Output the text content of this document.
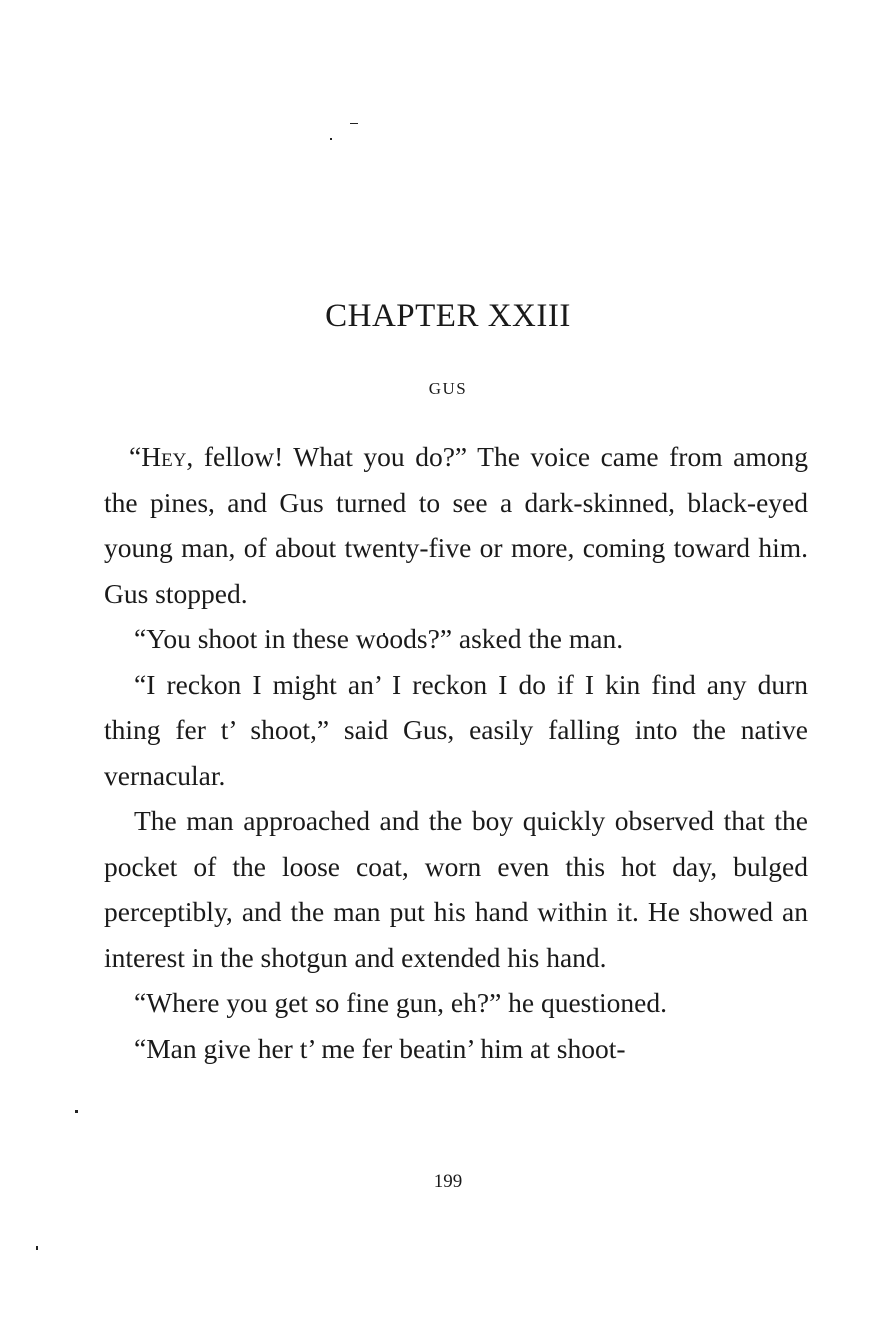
CHAPTER XXIII
GUS

“Hey, fellow! What you do?” The voice came from among the pines, and Gus turned to see a dark-skinned, black-eyed young man, of about twenty-five or more, coming toward him. Gus stopped.

“You shoot in these woods?” asked the man.

“I reckon I might an’ I reckon I do if I kin find any durn thing fer t’ shoot,” said Gus, easily falling into the native vernacular.

The man approached and the boy quickly observed that the pocket of the loose coat, worn even this hot day, bulged perceptibly, and the man put his hand within it. He showed an interest in the shotgun and extended his hand.

“Where you get so fine gun, eh?” he questioned.

“Man give her t’ me fer beatin’ him at shoot-

199
